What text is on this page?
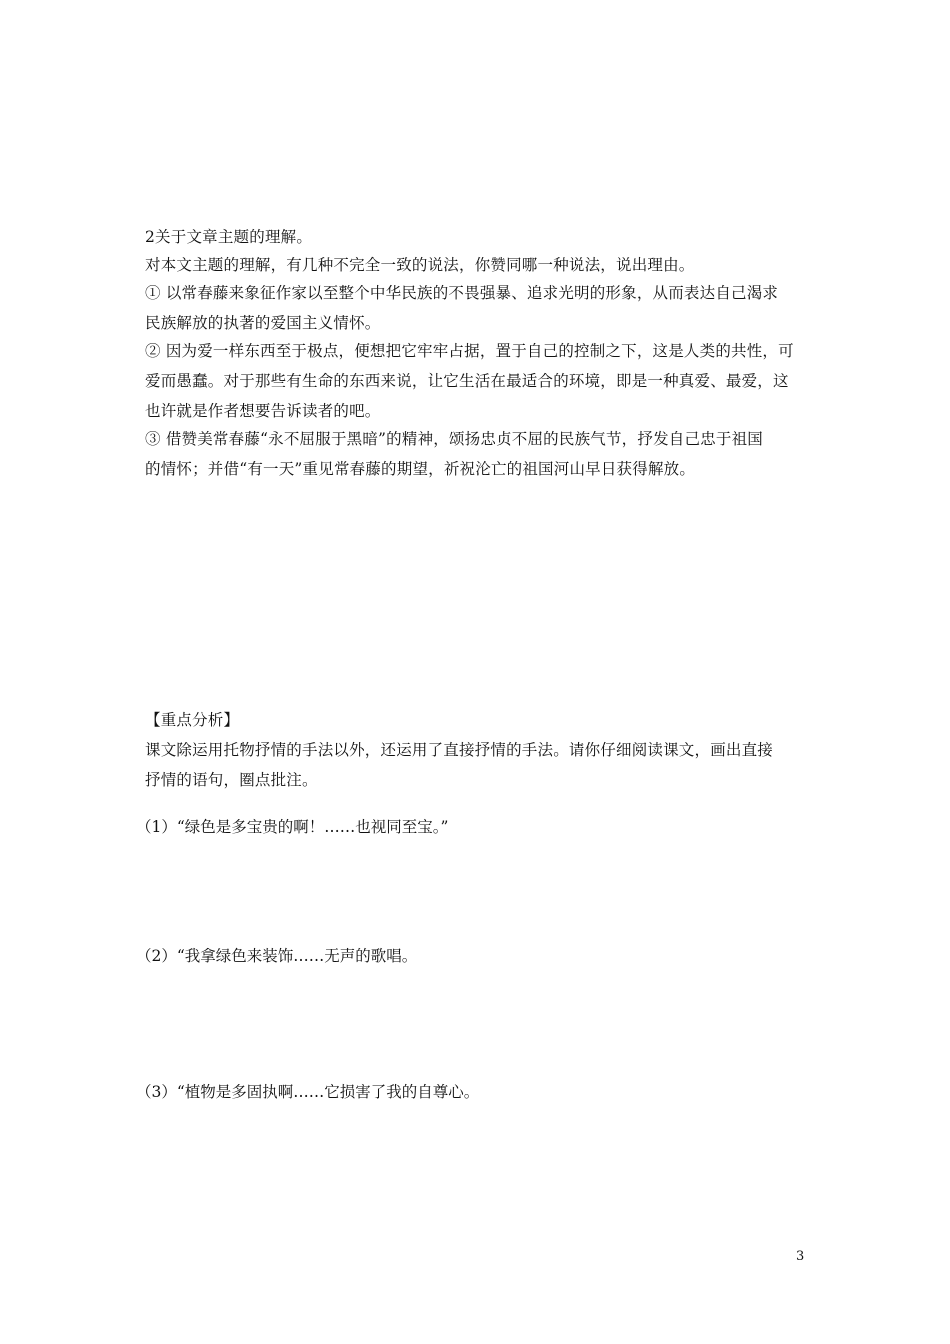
2关于文章主题的理解。
对本文主题的理解，有几种不完全一致的说法，你赞同哪一种说法，说出理由。
① 以常春藤来象征作家以至整个中华民族的不畏强暴、追求光明的形象，从而表达自己渴求
民族解放的执著的爱国主义情怀。
② 因为爱一样东西至于极点，便想把它牢牢占据，置于自己的控制之下，这是人类的共性，可
爱而愚蠢。对于那些有生命的东西来说，让它生活在最适合的环境，即是一种真爱、最爱，这
也许就是作者想要告诉读者的吧。
③ 借赞美常春藤“永不屈服于黑暗”的精神，颂扬忠贞不屈的民族气节，抒发自己忠于祖国
的情怀；并借“有一天”重见常春藤的期望，祈祝沦亡的祖国河山早日获得解放。
【重点分析】
课文除运用托物抒情的手法以外，还运用了直接抒情的手法。请你仔细阅读课文，画出直接
抒情的语句，圈点批注。
（1）“绿色是多宝贵的啊！……也视同至宝。”
（2）“我拿绿色来装饰……无声的歌唱。
（3）“植物是多固执啊……它损害了我的自尊心。
3
